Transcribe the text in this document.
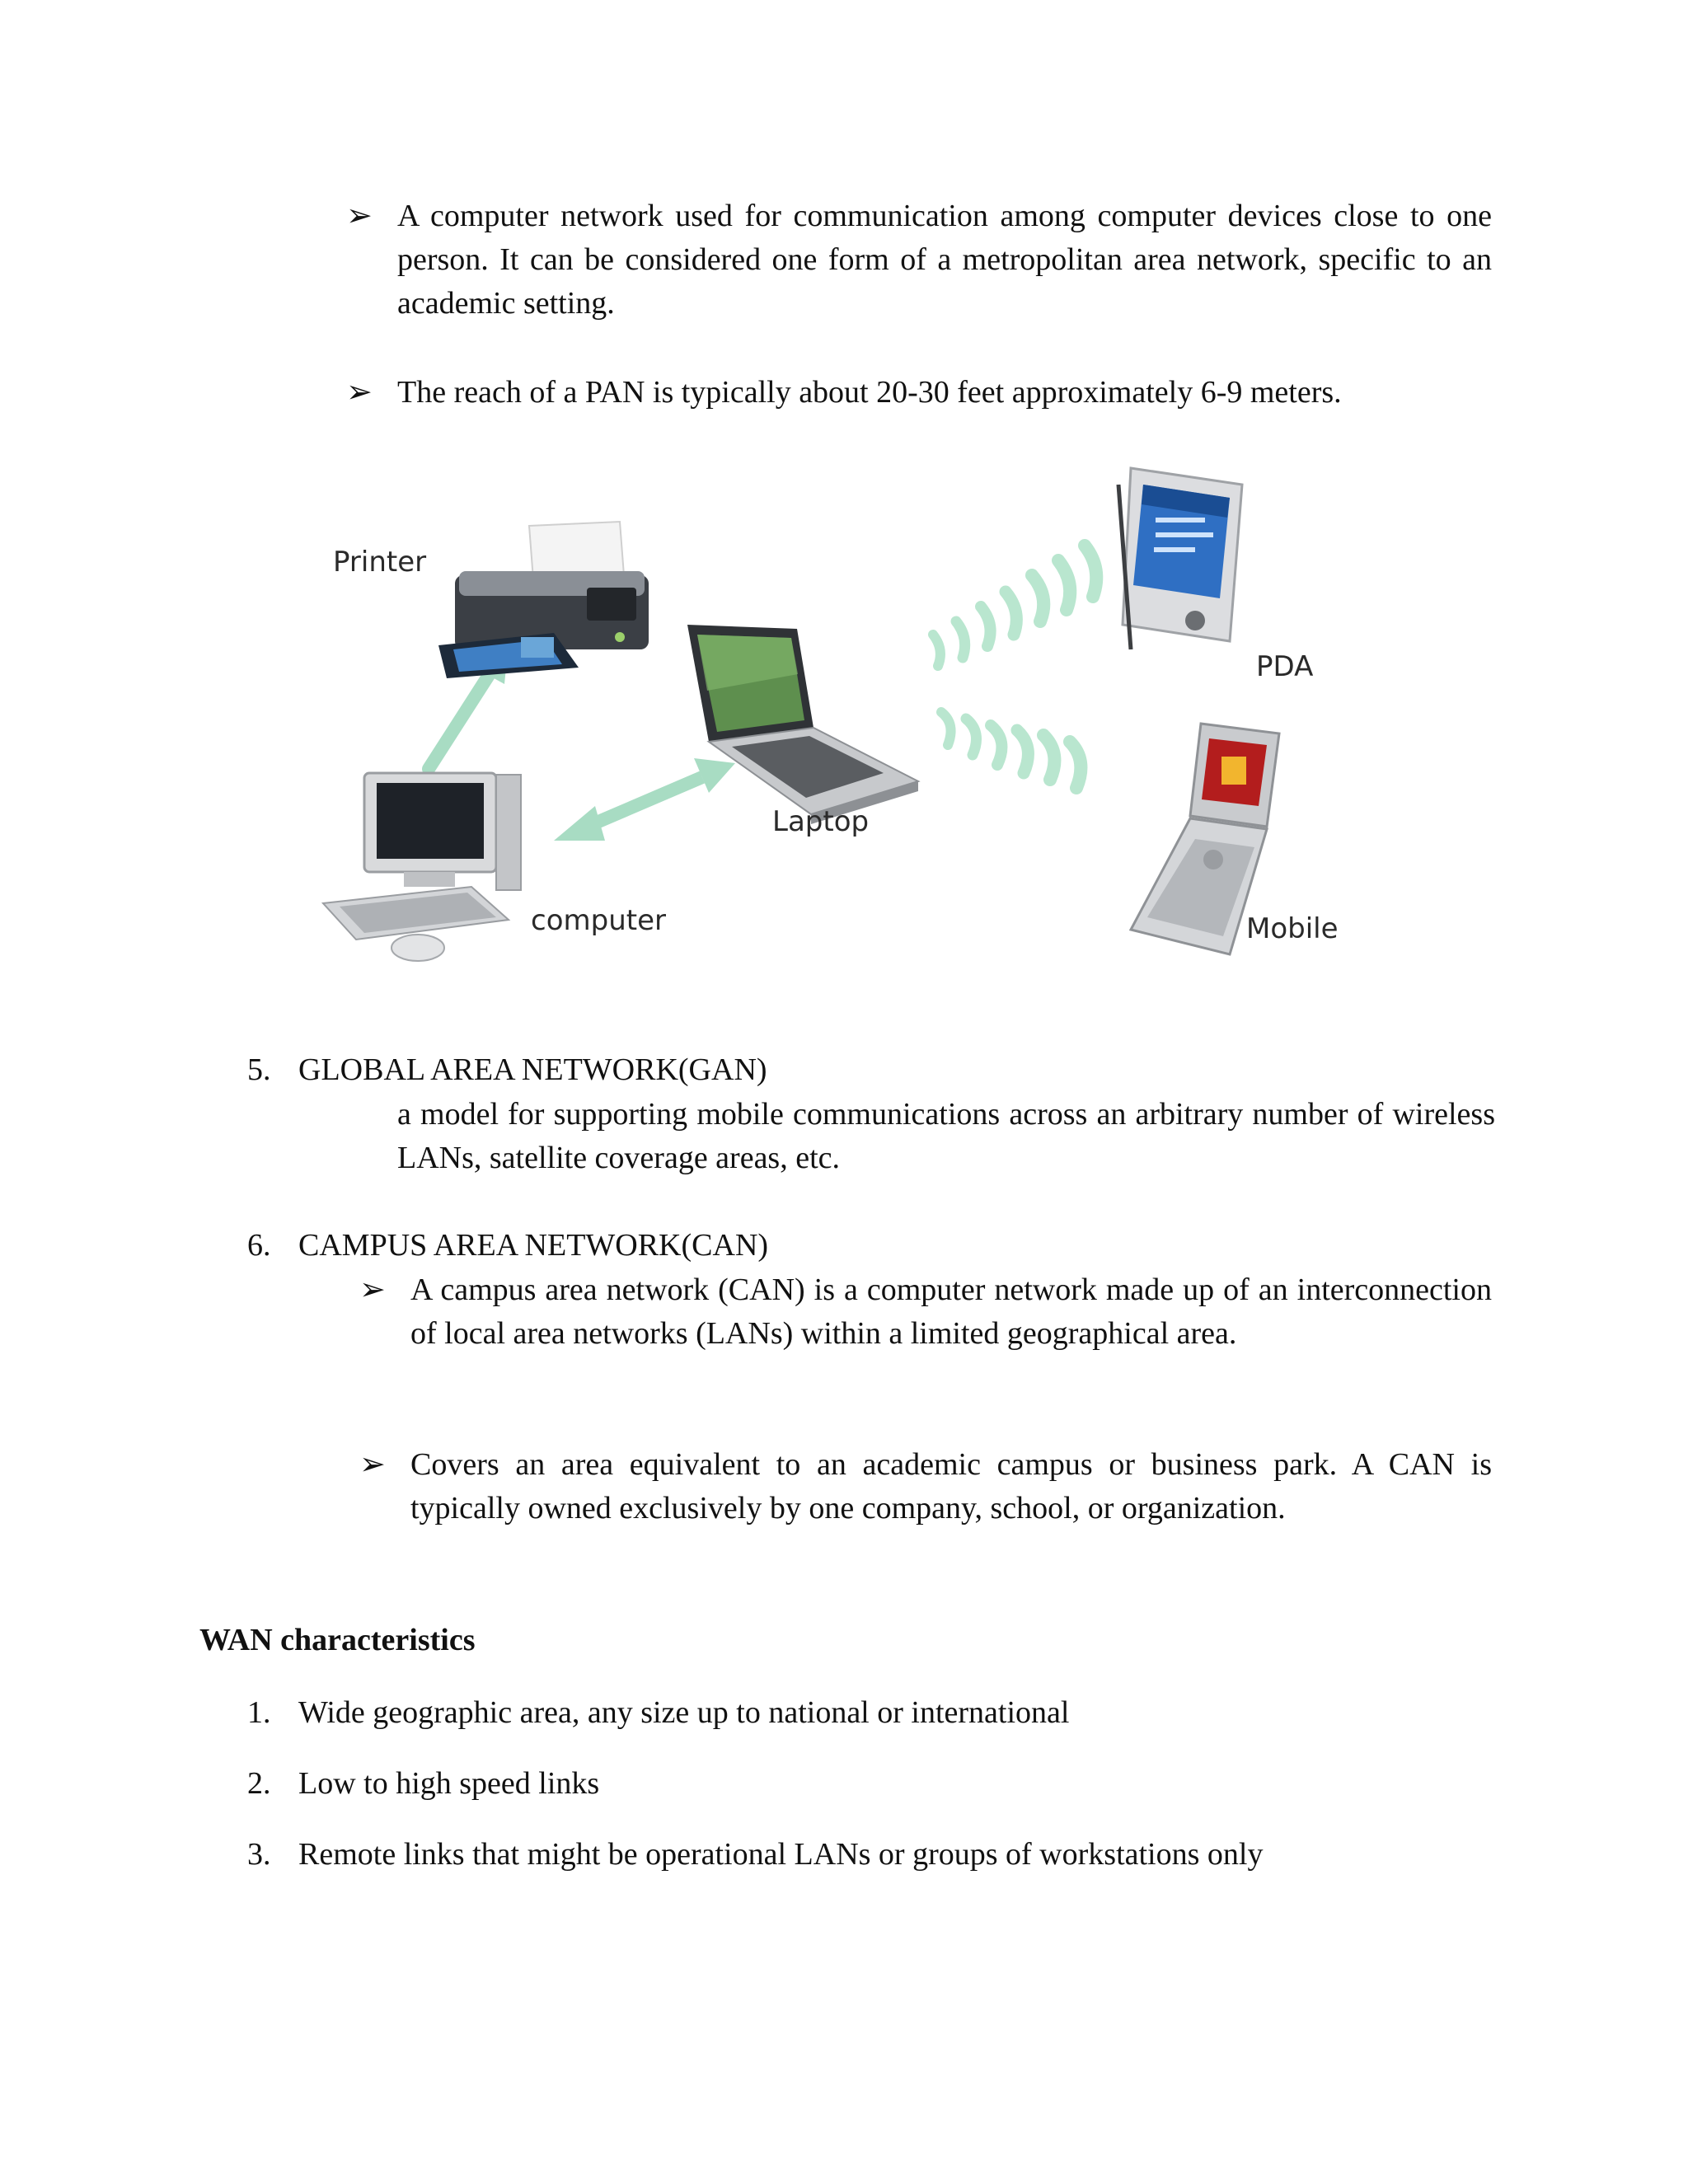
➢ A computer network used for communication among computer devices close to one person. It can be considered one form of a metropolitan area network, specific to an academic setting.
➢ The reach of a PAN is typically about 20-30 feet approximately 6-9 meters.
Printer
Laptop
computer
PDA
Mobile
5. GLOBAL AREA NETWORK(GAN)
a model for supporting mobile communications across an arbitrary number of wireless LANs, satellite coverage areas, etc.
6. CAMPUS AREA NETWORK(CAN)
➢ A campus area network (CAN) is a computer network made up of an interconnection of local area networks (LANs) within a limited geographical area.
➢ Covers an area equivalent to an academic campus or business park. A CAN is typically owned exclusively by one company, school, or organization.
WAN characteristics
1. Wide geographic area, any size up to national or international
2. Low to high speed links
3. Remote links that might be operational LANs or groups of workstations only
